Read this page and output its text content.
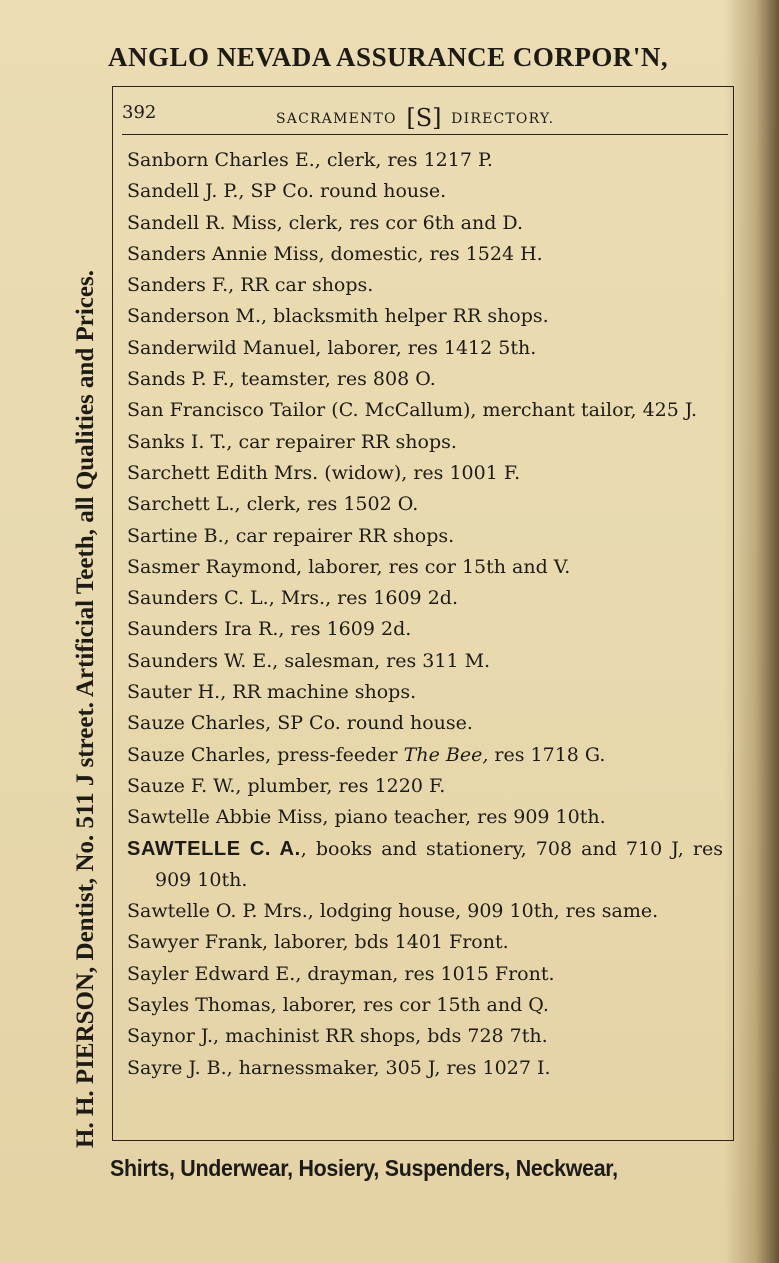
ANGLO NEVADA ASSURANCE CORPOR'N,
H. H. PIERSON, Dentist, No. 511 J street. Artificial Teeth, all Qualities and Prices.
392	SACRAMENTO [S] DIRECTORY.
Sanborn Charles E., clerk, res 1217 P.
Sandell J. P., SP Co. round house.
Sandell R. Miss, clerk, res cor 6th and D.
Sanders Annie Miss, domestic, res 1524 H.
Sanders F., RR car shops.
Sanderson M., blacksmith helper RR shops.
Sanderwild Manuel, laborer, res 1412 5th.
Sands P. F., teamster, res 808 O.
San Francisco Tailor (C. McCallum), merchant tailor, 425 J.
Sanks I. T., car repairer RR shops.
Sarchett Edith Mrs. (widow), res 1001 F.
Sarchett L., clerk, res 1502 O.
Sartine B., car repairer RR shops.
Sasmer Raymond, laborer, res cor 15th and V.
Saunders C. L., Mrs., res 1609 2d.
Saunders Ira R., res 1609 2d.
Saunders W. E., salesman, res 311 M.
Sauter H., RR machine shops.
Sauze Charles, SP Co. round house.
Sauze Charles, press-feeder The Bee, res 1718 G.
Sauze F. W., plumber, res 1220 F.
Sawtelle Abbie Miss, piano teacher, res 909 10th.
SAWTELLE C. A., books and stationery, 708 and 710 J, res 909 10th.
Sawtelle O. P. Mrs., lodging house, 909 10th, res same.
Sawyer Frank, laborer, bds 1401 Front.
Sayler Edward E., drayman, res 1015 Front.
Sayles Thomas, laborer, res cor 15th and Q.
Saynor J., machinist RR shops, bds 728 7th.
Sayre J. B., harnessmaker, 305 J, res 1027 I.
Shirts, Underwear, Hosiery, Suspenders, Neckwear,
